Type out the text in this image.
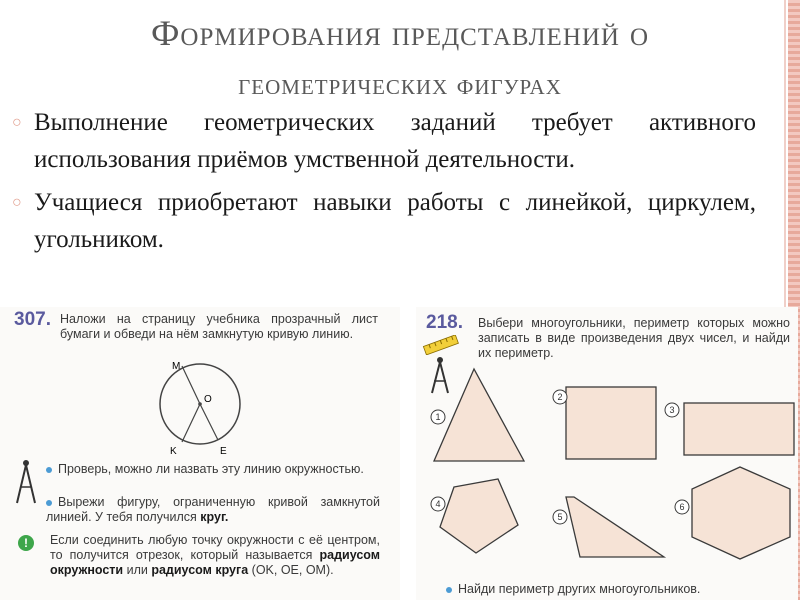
Формирования представлений о
геометрических фигурах
○ Выполнение геометрических заданий требует активного использования приёмов умственной деятельности.
○ Учащиеся приобретают навыки работы с линейкой, циркулем, угольником.
307. Наложи на страницу учебника прозрачный лист бумаги и обведи на нём замкнутую кривую линию.
M
O
K	E
Проверь, можно ли назвать эту линию окружностью.
Вырежи фигуру, ограниченную кривой замкнутой линией. У тебя получился круг.
!	Если соединить любую точку окружности с её центром, то получится отрезок, который называется радиусом окружности или радиусом круга (OK, OE, OM).
218. Выбери многоугольники, периметр которых можно записать в виде произведения двух чисел, и найди их периметр.
1
2
3
4
5
6
Найди периметр других многоугольников.
